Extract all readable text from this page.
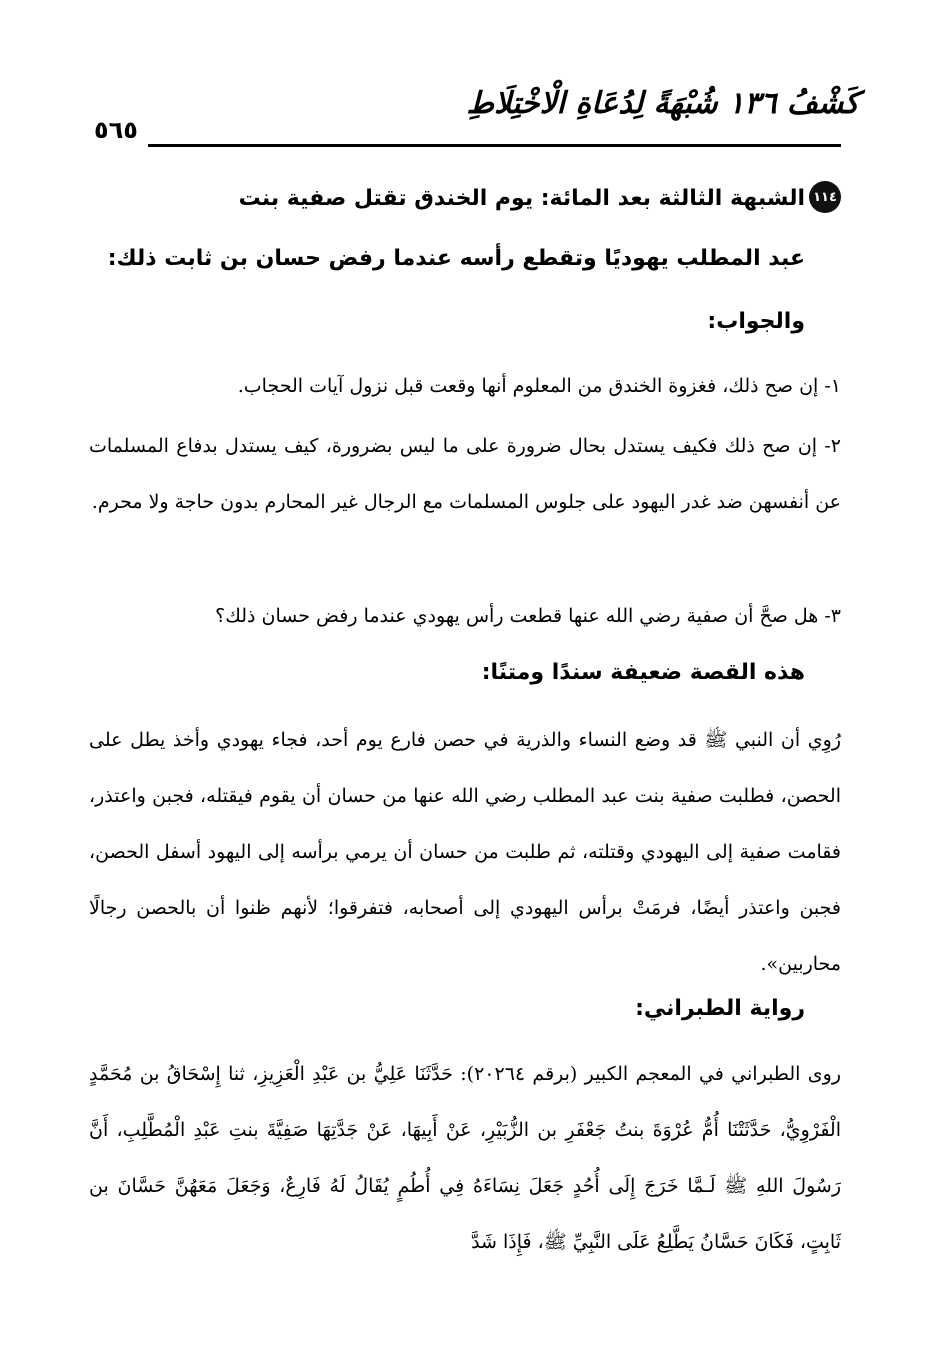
كَشْفُ ١٣٦ شُبْهَةً لِدُعَاةِ الْاخْتِلَاطِ
٥٦٥
١١٤
الشبهة الثالثة بعد المائة: يوم الخندق تقتل صفية بنت
عبد المطلب يهوديًا وتقطع رأسه عندما رفض حسان بن ثابت ذلك:
والجواب:

١- إن صح ذلك، فغزوة الخندق من المعلوم أنها وقعت قبل نزول آيات الحجاب.

٢- إن صح ذلك فكيف يستدل بحال ضرورة على ما ليس بضرورة، كيف يستدل بدفاع المسلمات عن أنفسهن ضد غدر اليهود على جلوس المسلمات مع الرجال غير المحارم بدون حاجة ولا محرم.

٣- هل صحَّ أن صفية رضي الله عنها قطعت رأس يهودي عندما رفض حسان ذلك؟

هذه القصة ضعيفة سندًا ومتنًا:

رُوِي أن النبي ﷺ قد وضع النساء والذرية في حصن فارع يوم أحد، فجاء يهودي وأخذ يطل على الحصن، فطلبت صفية بنت عبد المطلب رضي الله عنها من حسان أن يقوم فيقتله، فجبن واعتذر، فقامت صفية إلى اليهودي وقتلته، ثم طلبت من حسان أن يرمي برأسه إلى اليهود أسفل الحصن، فجبن واعتذر أيضًا، فرمَتْ برأس اليهودي إلى أصحابه، فتفرقوا؛ لأنهم ظنوا أن بالحصن رجالًا محاربين».

رواية الطبراني:

روى الطبراني في المعجم الكبير (برقم ٢٠٢٦٤): حَدَّثَنَا عَلِيُّ بن عَبْدِ الْعَزِيزِ، ثنا إِسْحَاقُ بن مُحَمَّدٍ الْفَرْوِيُّ، حَدَّثَتْنَا أُمُّ عُرْوَةَ بنتُ جَعْفَرِ بن الزُّبَيْرِ، عَنْ أَبِيهَا، عَنْ جَدَّتِهَا صَفِيَّةَ بنتِ عَبْدِ الْمُطَّلِبِ، أَنَّ رَسُولَ اللهِ ﷺ لَـمَّا خَرَجَ إِلَى أُحُدٍ جَعَلَ نِسَاءَهُ فِي أُطُمٍ يُقَالُ لَهُ فَارِعٌ، وَجَعَلَ مَعَهُنَّ حَسَّانَ بن ثَابِتٍ، فَكَانَ حَسَّانُ يَطَّلِعُ عَلَى النَّبِيِّ ﷺ، فَإِذَا شَدَّ
